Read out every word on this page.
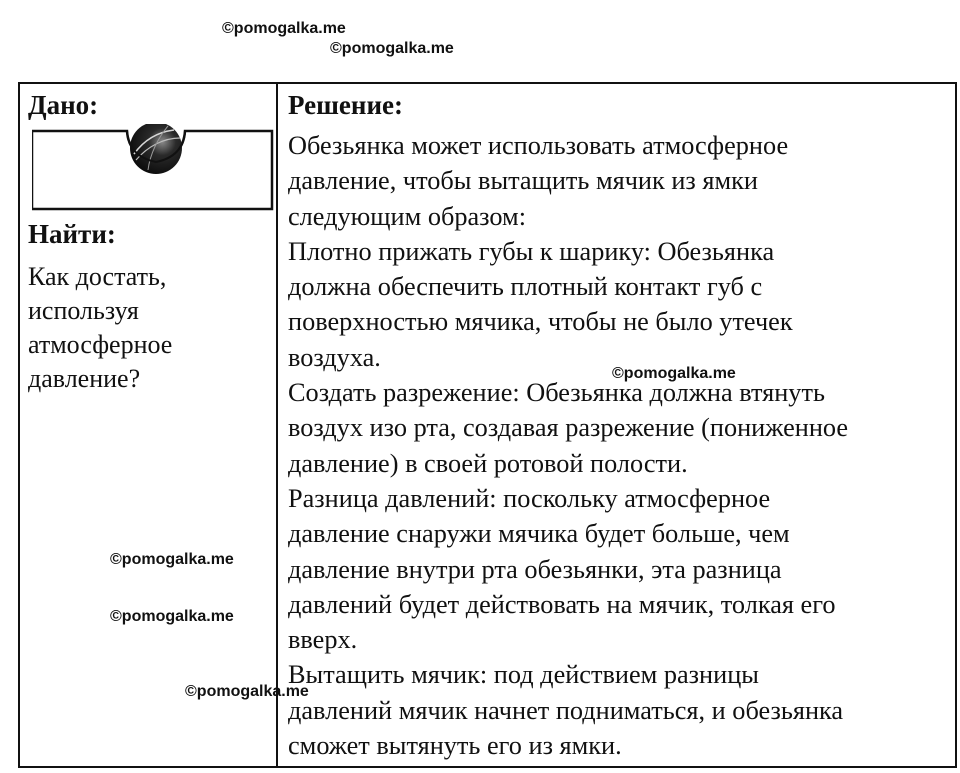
©pomogalka.me
©pomogalka.me
Дано:
Найти:
Как достать,
используя
атмосферное
давление?
Решение:
Обезьянка может использовать атмосферное
давление, чтобы вытащить мячик из ямки
следующим образом:
Плотно прижать губы к шарику: Обезьянка
должна обеспечить плотный контакт губ с
поверхностью мячика, чтобы не было утечек
воздуха.
Создать разрежение: Обезьянка должна втянуть
воздух изо рта, создавая разрежение (пониженное
давление) в своей ротовой полости.
Разница давлений: поскольку атмосферное
давление снаружи мячика будет больше, чем
давление внутри рта обезьянки, эта разница
давлений будет действовать на мячик, толкая его
вверх.
Вытащить мячик: под действием разницы
давлений мячик начнет подниматься, и обезьянка
сможет вытянуть его из ямки.
©pomogalka.me
©pomogalka.me
©pomogalka.me
©pomogalka.me
